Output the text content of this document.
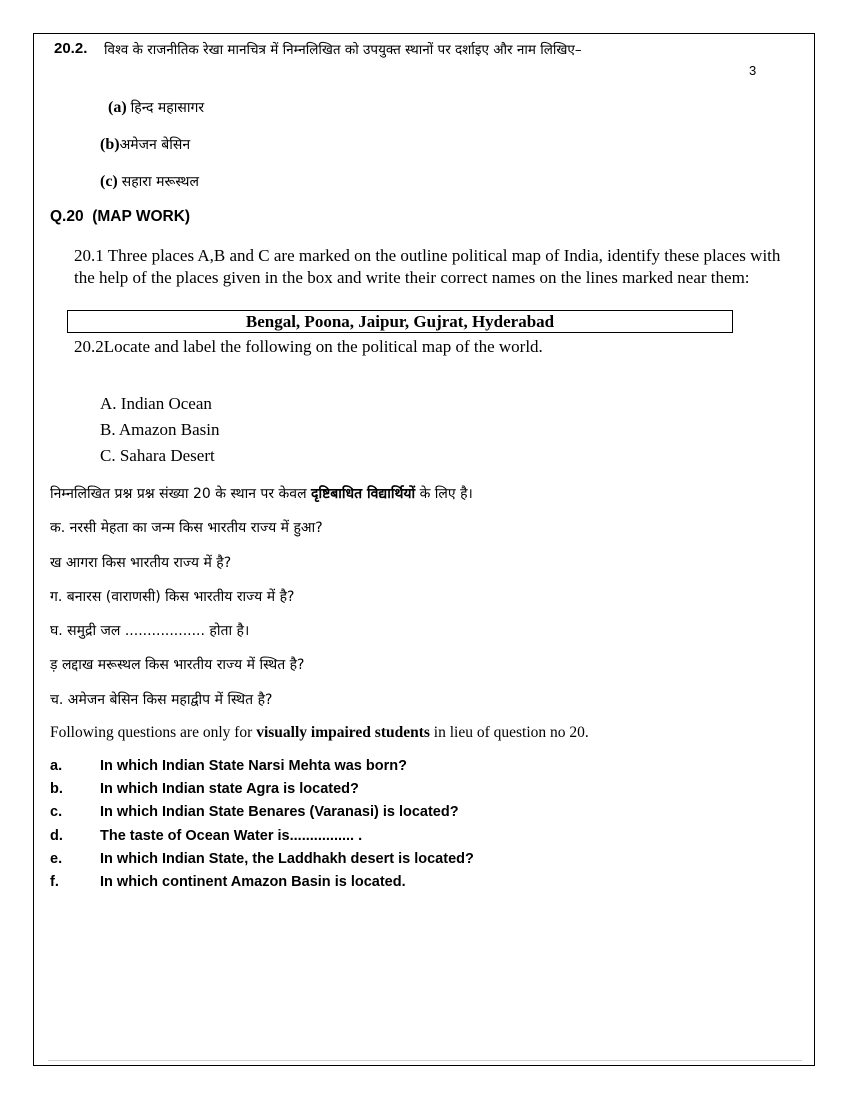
20.2. विश्व के राजनीतिक रेखा मानचित्र में निम्नलिखित को उपयुक्त स्थानों पर दर्शाइए और नाम लिखिए–
3
(a) हिन्द महासागर
(b)अमेजन बेसिन
(c) सहारा मरूस्थल
Q.20  (MAP WORK)
20.1 Three places A,B and C are marked on the outline political map of India, identify these places with the help of the places given in the box and write their correct names on the lines marked near them:
Bengal, Poona, Jaipur, Gujrat, Hyderabad
20.2Locate and label the following on the political map of the world.
A. Indian Ocean
B. Amazon Basin
C. Sahara Desert
निम्नलिखित प्रश्न प्रश्न संख्या 20 के स्थान पर केवल दृष्टिबाधित विद्यार्थियों के लिए है।
क. नरसी मेहता का जन्म किस भारतीय राज्य में हुआ?
ख आगरा किस भारतीय राज्य में है?
ग. बनारस (वाराणसी) किस भारतीय राज्य में है?
घ. समुद्री जल .................. होता है।
ड़ लद्दाख मरूस्थल किस भारतीय राज्य में स्थित है?
च. अमेजन बेसिन किस महाद्वीप में स्थित है?
Following questions are only for visually impaired students in lieu of question no 20.
a.	In which Indian State Narsi Mehta was born?
b.	In which Indian state Agra is located?
c.	In which Indian State Benares (Varanasi) is located?
d.	The taste of Ocean Water is................ .
e.	In which Indian State, the Laddhakh desert is located?
f.	In which continent Amazon Basin is located.
